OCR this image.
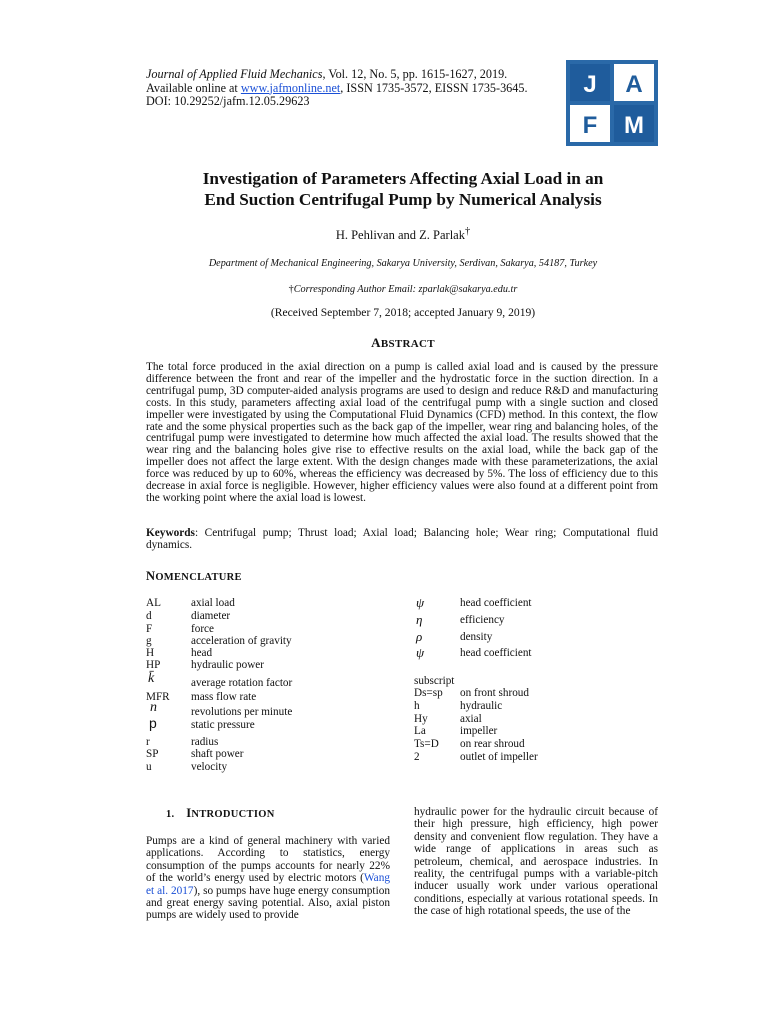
Journal of Applied Fluid Mechanics, Vol. 12, No. 5, pp. 1615-1627, 2019.
Available online at www.jafmonline.net, ISSN 1735-3572, EISSN 1735-3645.
DOI: 10.29252/jafm.12.05.29623
J A
F M
Investigation of Parameters Affecting Axial Load in an
End Suction Centrifugal Pump by Numerical Analysis
H. Pehlivan and Z. Parlak†
Department of Mechanical Engineering, Sakarya University, Serdivan, Sakarya, 54187, Turkey
†Corresponding Author Email: zparlak@sakarya.edu.tr
(Received September 7, 2018; accepted January 9, 2019)
ABSTRACT
The total force produced in the axial direction on a pump is called axial load and is caused by the pressure difference between the front and rear of the impeller and the hydrostatic force in the suction direction. In a centrifugal pump, 3D computer-aided analysis programs are used to design and reduce R&D and manufacturing costs. In this study, parameters affecting axial load of the centrifugal pump with a single suction and closed impeller were investigated by using the Computational Fluid Dynamics (CFD) method. In this context, the flow rate and the some physical properties such as the back gap of the impeller, wear ring and balancing holes, of the centrifugal pump were investigated to determine how much affected the axial load. The results showed that the wear ring and the balancing holes give rise to effective results on the axial load, while the back gap of the impeller does not affect the large extent. With the design changes made with these parameterizations, the axial force was reduced by up to 60%, whereas the efficiency was decreased by 5%. The loss of efficiency due to this decrease in axial force is negligible. However, higher efficiency values were also found at a different point from the working point where the axial load is lowest.
Keywords: Centrifugal pump; Thrust load; Axial load; Balancing hole; Wear ring; Computational fluid dynamics.
NOMENCLATURE
AL	axial load
d	diameter
F	force
g	acceleration of gravity
H	head
HP	hydraulic power
k̄	average rotation factor
MFR mass flow rate
n	revolutions per minute
p	static pressure
r	radius
SP	shaft power
u	velocity
ψ	head coefficient
η	efficiency
ρ	density
ψ	head coefficient
subscript
Ds=sp on front shroud
h	hydraulic
Hy	axial
La	impeller
Ts=D on rear shroud
2	outlet of impeller
1. INTRODUCTION
Pumps are a kind of general machinery with varied applications. According to statistics, energy consumption of the pumps accounts for nearly 22% of the world’s energy used by electric motors (Wang et al. 2017), so pumps have huge energy consumption and great energy saving potential. Also, axial piston pumps are widely used to provide
hydraulic power for the hydraulic circuit because of their high pressure, high efficiency, high power density and convenient flow regulation. They have a wide range of applications in areas such as petroleum, chemical, and aerospace industries. In reality, the centrifugal pumps with a variable-pitch inducer usually work under various operational conditions, especially at various rotational speeds. In the case of high rotational speeds, the use of the
